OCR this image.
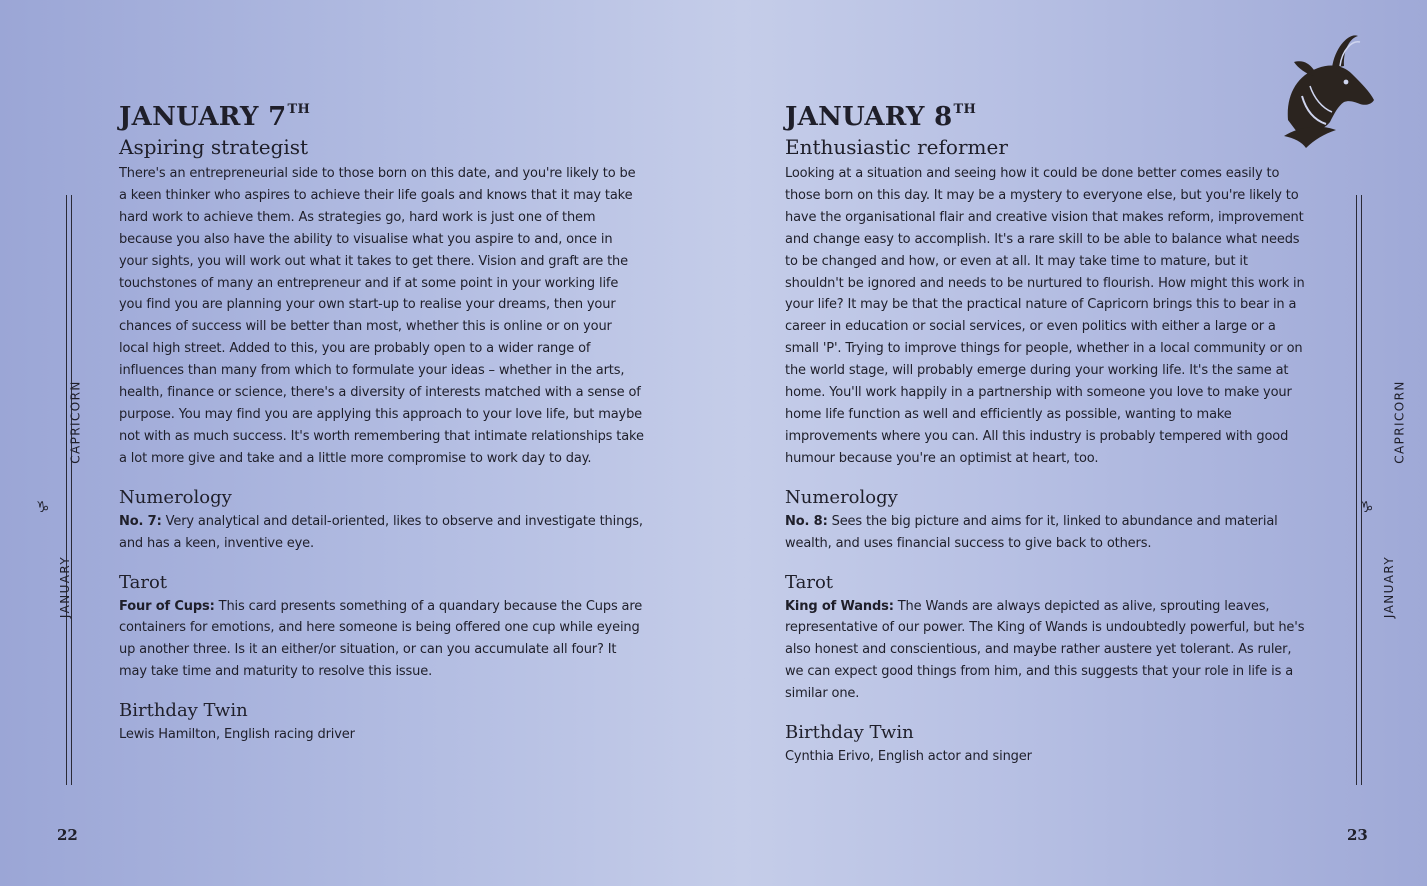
CAPRICORN
♑
JANUARY
JANUARY 7TH
Aspiring strategist

There's an entrepreneurial side to those born on this date, and you're likely to be a keen thinker who aspires to achieve their life goals and knows that it may take hard work to achieve them. As strategies go, hard work is just one of them because you also have the ability to visualise what you aspire to and, once in your sights, you will work out what it takes to get there. Vision and graft are the touchstones of many an entrepreneur and if at some point in your working life you find you are planning your own start-up to realise your dreams, then your chances of success will be better than most, whether this is online or on your local high street. Added to this, you are probably open to a wider range of influences than many from which to formulate your ideas – whether in the arts, health, finance or science, there's a diversity of interests matched with a sense of purpose. You may find you are applying this approach to your love life, but maybe not with as much success. It's worth remembering that intimate relationships take a lot more give and take and a little more compromise to work day to day.

Numerology

No. 7: Very analytical and detail-oriented, likes to observe and investigate things, and has a keen, inventive eye.

Tarot

Four of Cups: This card presents something of a quandary because the Cups are containers for emotions, and here someone is being offered one cup while eyeing up another three. Is it an either/or situation, or can you accumulate all four? It may take time and maturity to resolve this issue.

Birthday Twin

Lewis Hamilton, English racing driver

22
CAPRICORN
♑
JANUARY
JANUARY 8TH
Enthusiastic reformer

Looking at a situation and seeing how it could be done better comes easily to those born on this day. It may be a mystery to everyone else, but you're likely to have the organisational flair and creative vision that makes reform, improvement and change easy to accomplish. It's a rare skill to be able to balance what needs to be changed and how, or even at all. It may take time to mature, but it shouldn't be ignored and needs to be nurtured to flourish. How might this work in your life? It may be that the practical nature of Capricorn brings this to bear in a career in education or social services, or even politics with either a large or a small 'P'. Trying to improve things for people, whether in a local community or on the world stage, will probably emerge during your working life. It's the same at home. You'll work happily in a partnership with someone you love to make your home life function as well and efficiently as possible, wanting to make improvements where you can. All this industry is probably tempered with good humour because you're an optimist at heart, too.

Numerology

No. 8: Sees the big picture and aims for it, linked to abundance and material wealth, and uses financial success to give back to others.

Tarot

King of Wands: The Wands are always depicted as alive, sprouting leaves, representative of our power. The King of Wands is undoubtedly powerful, but he's also honest and conscientious, and maybe rather austere yet tolerant. As ruler, we can expect good things from him, and this suggests that your role in life is a similar one.

Birthday Twin

Cynthia Erivo, English actor and singer

23
